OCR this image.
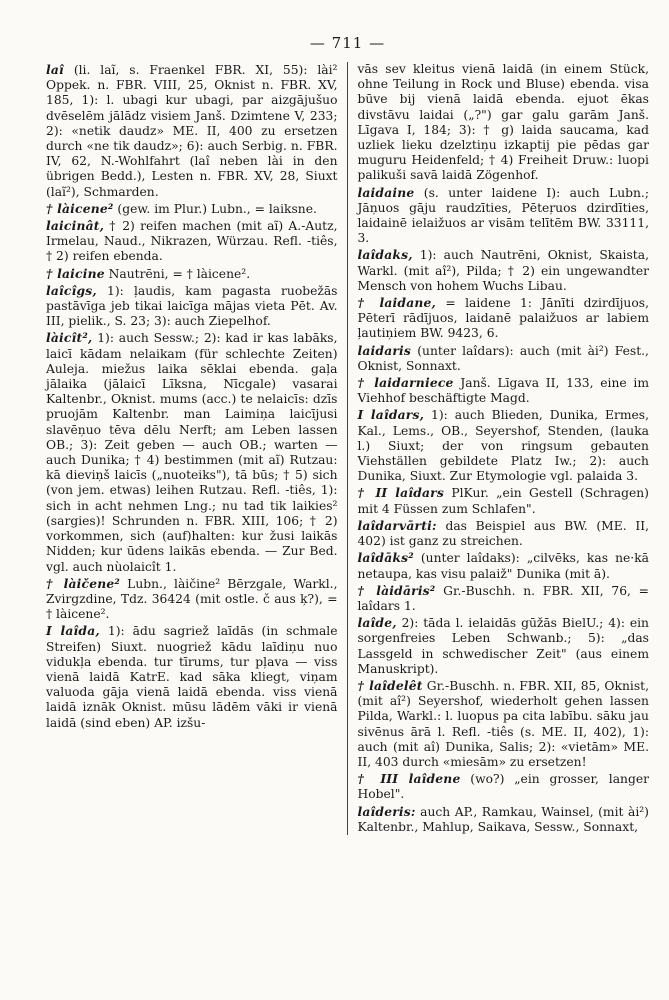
— 711 —
laî (li. laĩ, s. Fraenkel FBR. XI, 55): lài² Oppek. n. FBR. VIII, 25, Oknist n. FBR. XV, 185, 1): l. ubagi kur ubagi, par aizgājušuo dvēselēm jālādz visiem Janš. Dzimtene V, 233; 2): «netik daudz» ME. II, 400 zu ersetzen durch «ne tik daudz»; 6): auch Serbig. n. FBR. IV, 62, N.-Wohlfahrt (laî neben lài in den übrigen Bedd.), Lesten n. FBR. XV, 28, Siuxt (laĩ²), Schmarden.
† làicene² (gew. im Plur.) Lubn., = laiksne.
laicinât, † 2) reifen machen (mit aĩ) A.-Autz, Irmelau, Naud., Nikrazen, Würzau. Refl. -tiês, † 2) reifen ebenda.
† laicine Nautrēni, = † làicene².
laîcîgs, 1): ļaudis, kam pagasta ruobežās pastāvīga jeb tikai laicīga mājas vieta Pēt. Av. III, pielik., S. 23; 3): auch Ziepelhof.
làicît², 1): auch Sessw.; 2): kad ir kas labāks, laicī kādam nelaikam (für schlechte Zeiten) Auleja. miežus laika sēklai ebenda. gaļa jālaika (jālaicī Līksna, Nīcgale) vasarai Kaltenbr., Oknist. mums (acc.) te nelaicīs: dzīs pruojām Kaltenbr. man Laimiņa laicījusi slavēņuo tēva dēlu Nerft; am Leben lassen OB.; 3): Zeit geben — auch OB.; warten — auch Dunika; † 4) bestimmen (mit aĩ) Rutzau: kā dieviņš laicīs („nuoteiks"), tā būs; † 5) sich (von jem. etwas) leihen Rutzau. Refl. -tiês, 1): sich in acht nehmen Lng.; nu tad tik laikies² (sargies)! Schrunden n. FBR. XIII, 106; † 2) vorkommen, sich (auf)halten: kur žusi laikās Nidden; kur ūdens laikās ebenda. — Zur Bed. vgl. auch nùolaicît 1.
† làičene² Lubn., làičine² Bērzgale, Warkl., Zvirgzdine, Tdz. 36424 (mit ostle. č aus ķ?), = † làicene².
I laîda, 1): ādu sagriež laīdās (in schmale Streifen) Siuxt. nuogriež kādu laīdiņu nuo vidukļa ebenda. tur tīrums, tur pļava — viss vienā laidā KatrE. kad sāka kliegt, viņam valuoda gāja vienā laidā ebenda. viss vienā laidā iznāk Oknist. mūsu lādēm vāki ir vienā laidā (sind eben) AP. izšu-
vās sev kleitus vienā laidā (in einem Stück, ohne Teilung in Rock und Bluse) ebenda. visa būve bij vienā laidā ebenda. ejuot ēkas divstāvu laidai („?") gar galu garām Janš. Līgava I, 184; 3): † g) laida saucama, kad uzliek lieku dzelztiņu izkaptij pie pēdas gar muguru Heidenfeld; † 4) Freiheit Druw.: luopi palikuši savā laidā Zögenhof.
laidaine (s. unter laidene I): auch Lubn.; Jāņuos gāju raudzīties, Pēteŗuos dzirdīties, laidainē ielaižuos ar visām telītēm BW. 33111, 3.
laîdaks, 1): auch Nautrēni, Oknist, Skaista, Warkl. (mit aî²), Pilda; † 2) ein ungewandter Mensch von hohem Wuchs Libau.
† laidane, = laidene 1: Jānīti dzirdījuos, Pēterī rādījuos, laidanē palaižuos ar labiem ļautiņiem BW. 9423, 6.
laidaris (unter laîdars): auch (mit ài²) Fest., Oknist, Sonnaxt.
† laidarniece Janš. Līgava II, 133, eine im Viehhof beschäftigte Magd.
I laîdars, 1): auch Blieden, Dunika, Ermes, Kal., Lems., OB., Seyershof, Stenden, (lauka l.) Siuxt; der von ringsum gebauten Viehställen gebildete Platz Iw.; 2): auch Dunika, Siuxt. Zur Etymologie vgl. palaida 3.
† II laîdars PlKur. „ein Gestell (Schragen) mit 4 Füssen zum Schlafen".
laîdarvārti: das Beispiel aus BW. (ME. II, 402) ist ganz zu streichen.
laîdāks² (unter laîdaks): „cilvēks, kas ne·kā netaupa, kas visu palaiž" Dunika (mit ā).
† làidāris² Gr.-Buschh. n. FBR. XII, 76, = laîdars 1.
laîde, 2): tāda l. ielaidās gūžās BielU.; 4): ein sorgenfreies Leben Schwanb.; 5): „das Lassgeld in schwedischer Zeit" (aus einem Manuskript).
† laîdelêt Gr.-Buschh. n. FBR. XII, 85, Oknist, (mit aî²) Seyershof, wiederholt gehen lassen Pilda, Warkl.: l. luopus pa cita labību. sāku jau sivēnus ārā l. Refl. -tiês (s. ME. II, 402), 1): auch (mit aî) Dunika, Salis; 2): «vietām» ME. II, 403 durch «miesām» zu ersetzen!
† III laîdene (wo?) „ein grosser, langer Hobel".
laîderis: auch AP., Ramkau, Wainsel, (mit ài²) Kaltenbr., Mahlup, Saikava, Sessw., Sonnaxt,
